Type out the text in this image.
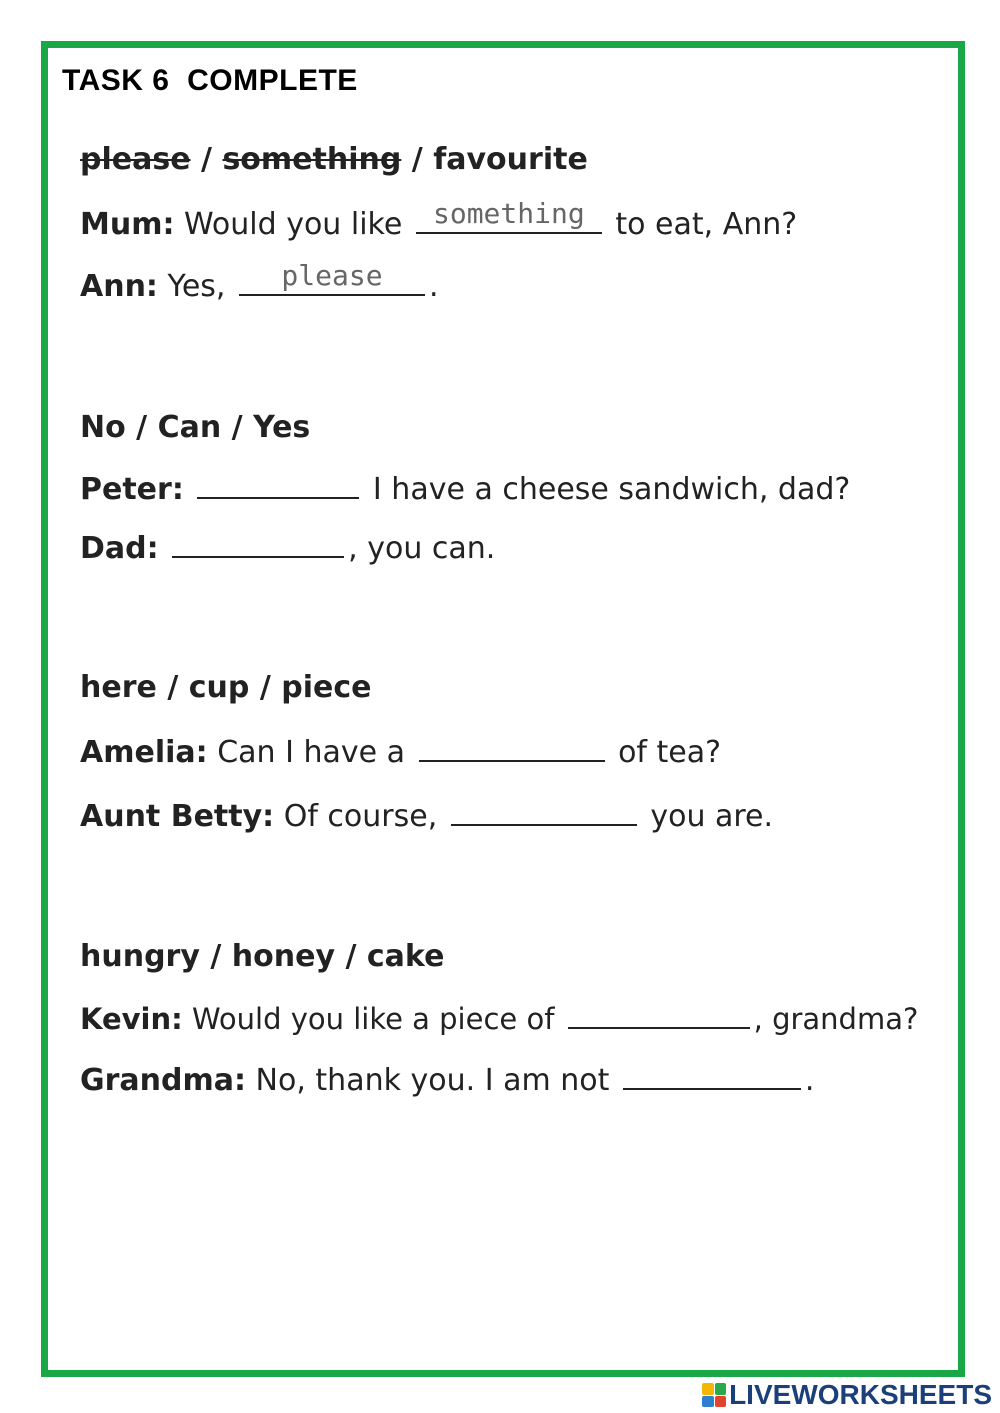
TASK 6  COMPLETE
please / something / favourite
Mum: Would you like
something	to eat, Ann?
Ann: Yes,
please	.
No / Can / Yes
Peter:	I have a cheese sandwich, dad?
Dad:	, you can.
here / cup / piece
Amelia: Can I have a	of tea?
Aunt Betty: Of course,	you are.
hungry / honey / cake
Kevin: Would you like a piece of	, grandma?
Grandma: No, thank you. I am not	.
LIVEWORKSHEETS
